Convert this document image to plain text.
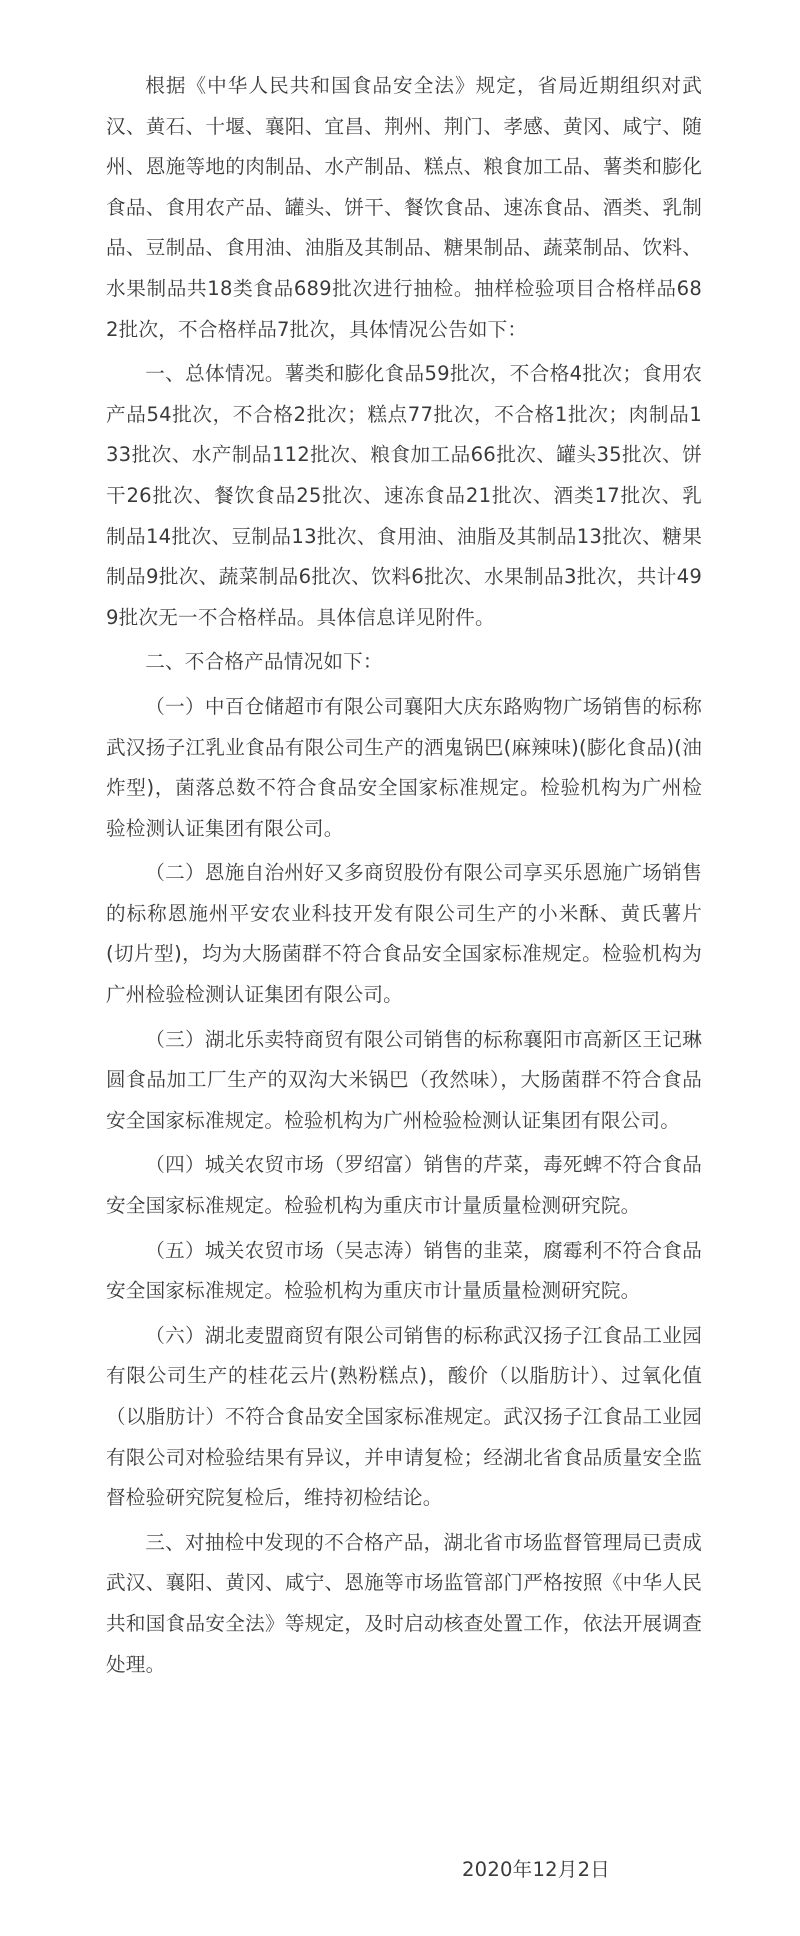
根据《中华人民共和国食品安全法》规定，省局近期组织对武汉、黄石、十堰、襄阳、宜昌、荆州、荆门、孝感、黄冈、咸宁、随州、恩施等地的肉制品、水产制品、糕点、粮食加工品、薯类和膨化食品、食用农产品、罐头、饼干、餐饮食品、速冻食品、酒类、乳制品、豆制品、食用油、油脂及其制品、糖果制品、蔬菜制品、饮料、水果制品共18类食品689批次进行抽检。抽样检验项目合格样品682批次，不合格样品7批次，具体情况公告如下：

一、总体情况。薯类和膨化食品59批次，不合格4批次；食用农产品54批次，不合格2批次；糕点77批次，不合格1批次；肉制品133批次、水产制品112批次、粮食加工品66批次、罐头35批次、饼干26批次、餐饮食品25批次、速冻食品21批次、酒类17批次、乳制品14批次、豆制品13批次、食用油、油脂及其制品13批次、糖果制品9批次、蔬菜制品6批次、饮料6批次、水果制品3批次，共计499批次无一不合格样品。具体信息详见附件。

二、不合格产品情况如下：

（一）中百仓储超市有限公司襄阳大庆东路购物广场销售的标称武汉扬子江乳业食品有限公司生产的洒鬼锅巴(麻辣味)(膨化食品)(油炸型)，菌落总数不符合食品安全国家标准规定。检验机构为广州检验检测认证集团有限公司。

（二）恩施自治州好又多商贸股份有限公司享买乐恩施广场销售的标称恩施州平安农业科技开发有限公司生产的小米酥、黄氏薯片(切片型)，均为大肠菌群不符合食品安全国家标准规定。检验机构为广州检验检测认证集团有限公司。

（三）湖北乐卖特商贸有限公司销售的标称襄阳市高新区王记琳圆食品加工厂生产的双沟大米锅巴（孜然味），大肠菌群不符合食品安全国家标准规定。检验机构为广州检验检测认证集团有限公司。

（四）城关农贸市场（罗绍富）销售的芹菜，毒死蜱不符合食品安全国家标准规定。检验机构为重庆市计量质量检测研究院。

（五）城关农贸市场（吴志涛）销售的韭菜，腐霉利不符合食品安全国家标准规定。检验机构为重庆市计量质量检测研究院。

（六）湖北麦盟商贸有限公司销售的标称武汉扬子江食品工业园有限公司生产的桂花云片(熟粉糕点)，酸价（以脂肪计）、过氧化值（以脂肪计）不符合食品安全国家标准规定。武汉扬子江食品工业园有限公司对检验结果有异议，并申请复检；经湖北省食品质量安全监督检验研究院复检后，维持初检结论。

三、对抽检中发现的不合格产品，湖北省市场监督管理局已责成武汉、襄阳、黄冈、咸宁、恩施等市场监管部门严格按照《中华人民共和国食品安全法》等规定，及时启动核查处置工作，依法开展调查处理。

2020年12月2日
